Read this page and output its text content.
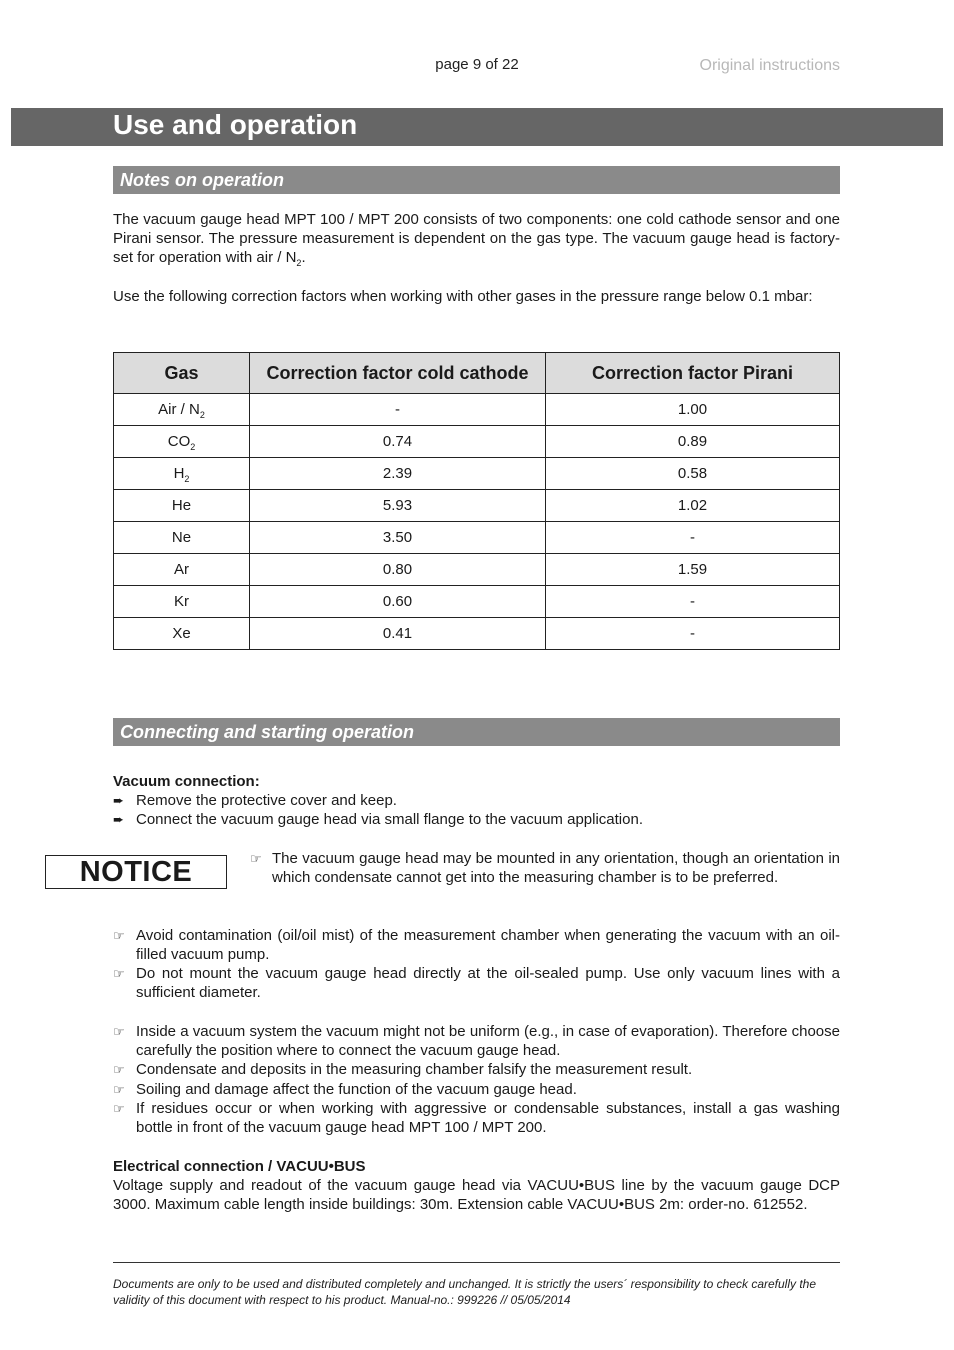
page 9 of 22	Original instructions
Use and operation
Notes on operation
The vacuum gauge head MPT 100 / MPT 200 consists of two components: one cold cathode sensor and one Pirani sensor. The pressure measurement is dependent on the gas type. The vacuum gauge head is factory-set for operation with air / $N_2$.
Use the following correction factors when working with other gases in the pressure range below 0.1 mbar:
Gas	Correction factor cold cathode	Correction factor Pirani
Air / $N_2$	-	1.00
$CO_2$	0.74	0.89
$H_2$	2.39	0.58
He	5.93	1.02
Ne	3.50	-
Ar	0.80	1.59
Kr	0.60	-
Xe	0.41	-
Connecting and starting operation
Vacuum connection:
➨ Remove the protective cover and keep.
➨ Connect the vacuum gauge head via small flange to the vacuum application.
NOTICE	☞ The vacuum gauge head may be mounted in any orientation, though an orientation in which condensate cannot get into the measuring chamber is to be preferred.
☞ Avoid contamination (oil/oil mist) of the measurement chamber when generating the vacuum with an oil-filled vacuum pump.
☞ Do not mount the vacuum gauge head directly at the oil-sealed pump. Use only vacuum lines with a sufficient diameter.
☞ Inside a vacuum system the vacuum might not be uniform (e.g., in case of evaporation). Therefore choose carefully the position where to connect the vacuum gauge head.
☞ Condensate and deposits in the measuring chamber falsify the measurement result.
☞ Soiling and damage affect the function of the vacuum gauge head.
☞ If residues occur or when working with aggressive or condensable substances, install a gas washing bottle in front of the vacuum gauge head MPT 100 / MPT 200.
Electrical connection / VACUU•BUS
Voltage supply and readout of the vacuum gauge head via VACUU•BUS line by the vacuum gauge DCP 3000. Maximum cable length inside buildings: 30m. Extension cable VACUU•BUS 2m: order-no. 612552.
Documents are only to be used and distributed completely and unchanged. It is strictly the users´ responsibility to check carefully the validity of this document with respect to his product. Manual-no.: 999226 // 05/05/2014
